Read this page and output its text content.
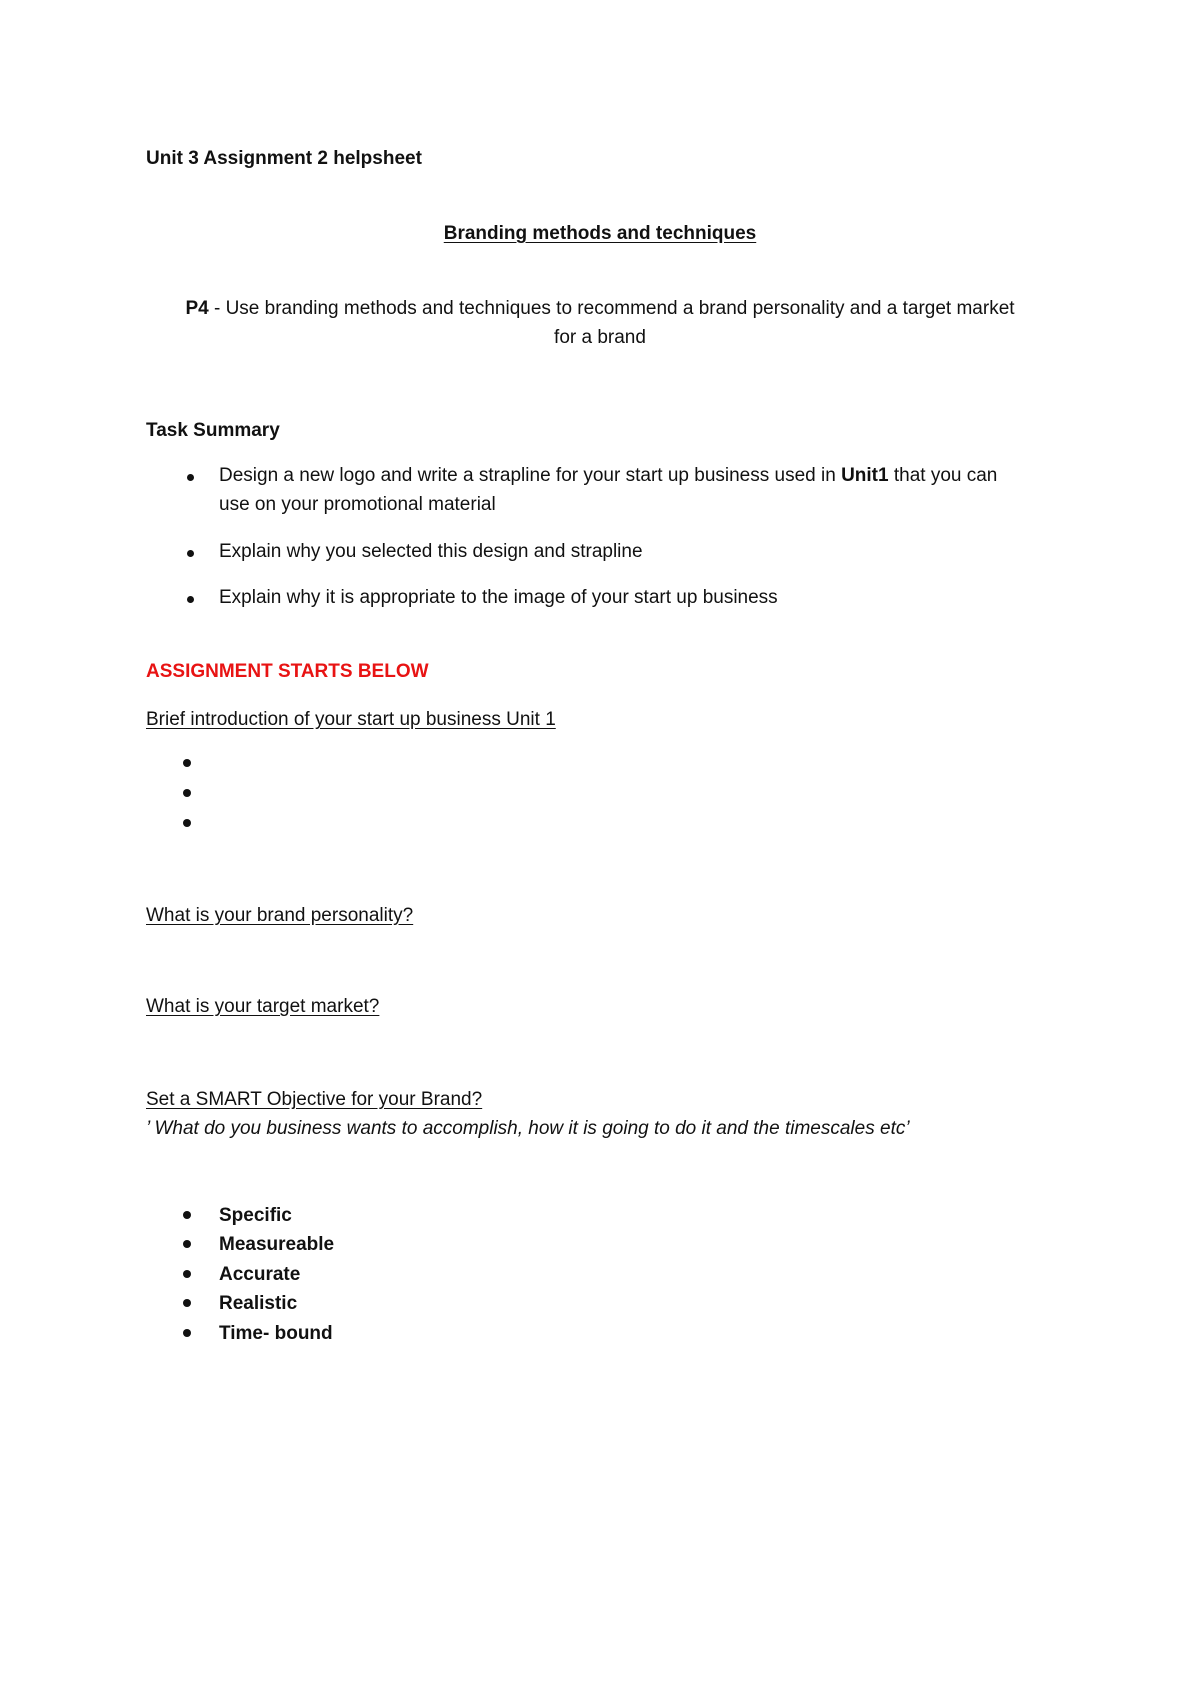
Unit 3 Assignment 2 helpsheet
Branding methods and techniques
P4 - Use branding methods and techniques to recommend a brand personality and a target market
for a brand
Task Summary
Design a new logo and write a strapline for your start up business used in Unit1 that you can
use on your promotional material
Explain why you selected this design and strapline
Explain why it is appropriate to the image of your start up business
ASSIGNMENT STARTS BELOW
Brief introduction of your start up business Unit 1
What is your brand personality?
What is your target market?
Set a SMART Objective for your Brand?
’ What do you business wants to accomplish, how it is going to do it and the timescales etc’
Specific
Measureable
Accurate
Realistic
Time- bound
